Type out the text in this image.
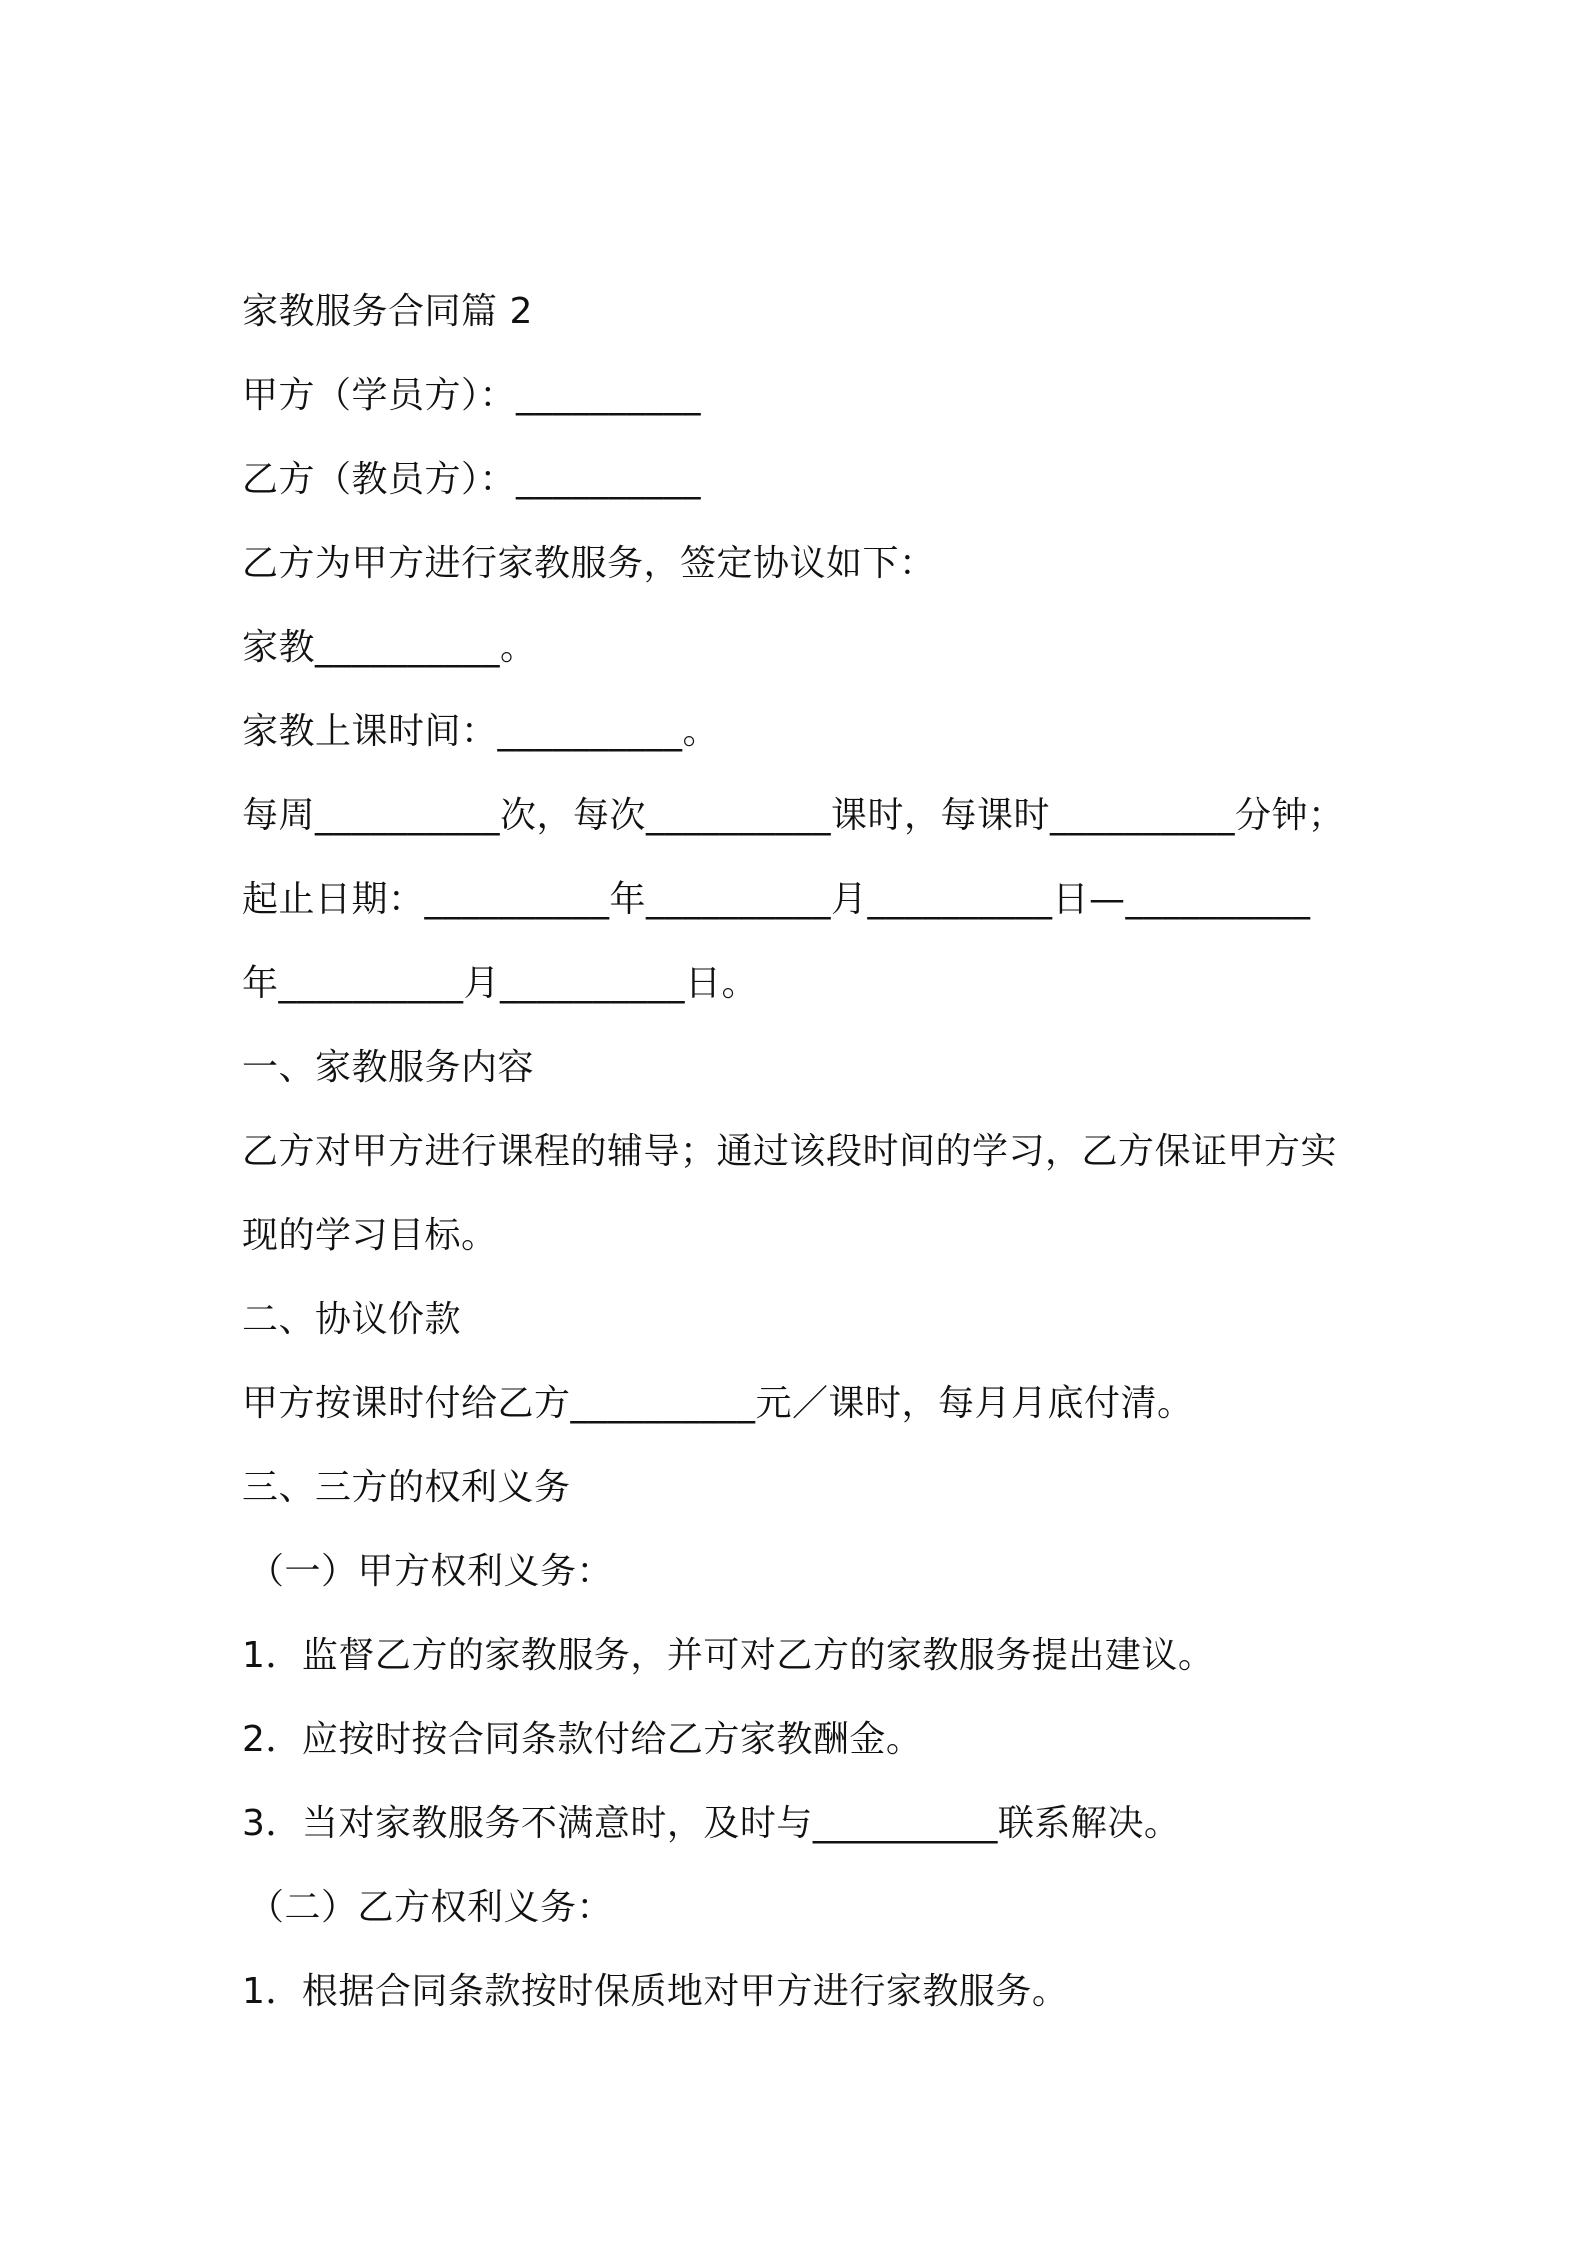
家教服务合同篇 2
甲方（学员方）：__________
乙方（教员方）：__________
乙方为甲方进行家教服务，签定协议如下：
家教__________。
家教上课时间：__________。
每周__________次，每次__________课时，每课时__________分钟；
起止日期：__________年__________月__________日—__________
年__________月__________日。
一、家教服务内容
乙方对甲方进行课程的辅导；通过该段时间的学习，乙方保证甲方实
现的学习目标。
二、协议价款
甲方按课时付给乙方__________元／课时，每月月底付清。
三、三方的权利义务
（一）甲方权利义务：
1．监督乙方的家教服务，并可对乙方的家教服务提出建议。
2．应按时按合同条款付给乙方家教酬金。
3．当对家教服务不满意时，及时与__________联系解决。
（二）乙方权利义务：
1．根据合同条款按时保质地对甲方进行家教服务。
